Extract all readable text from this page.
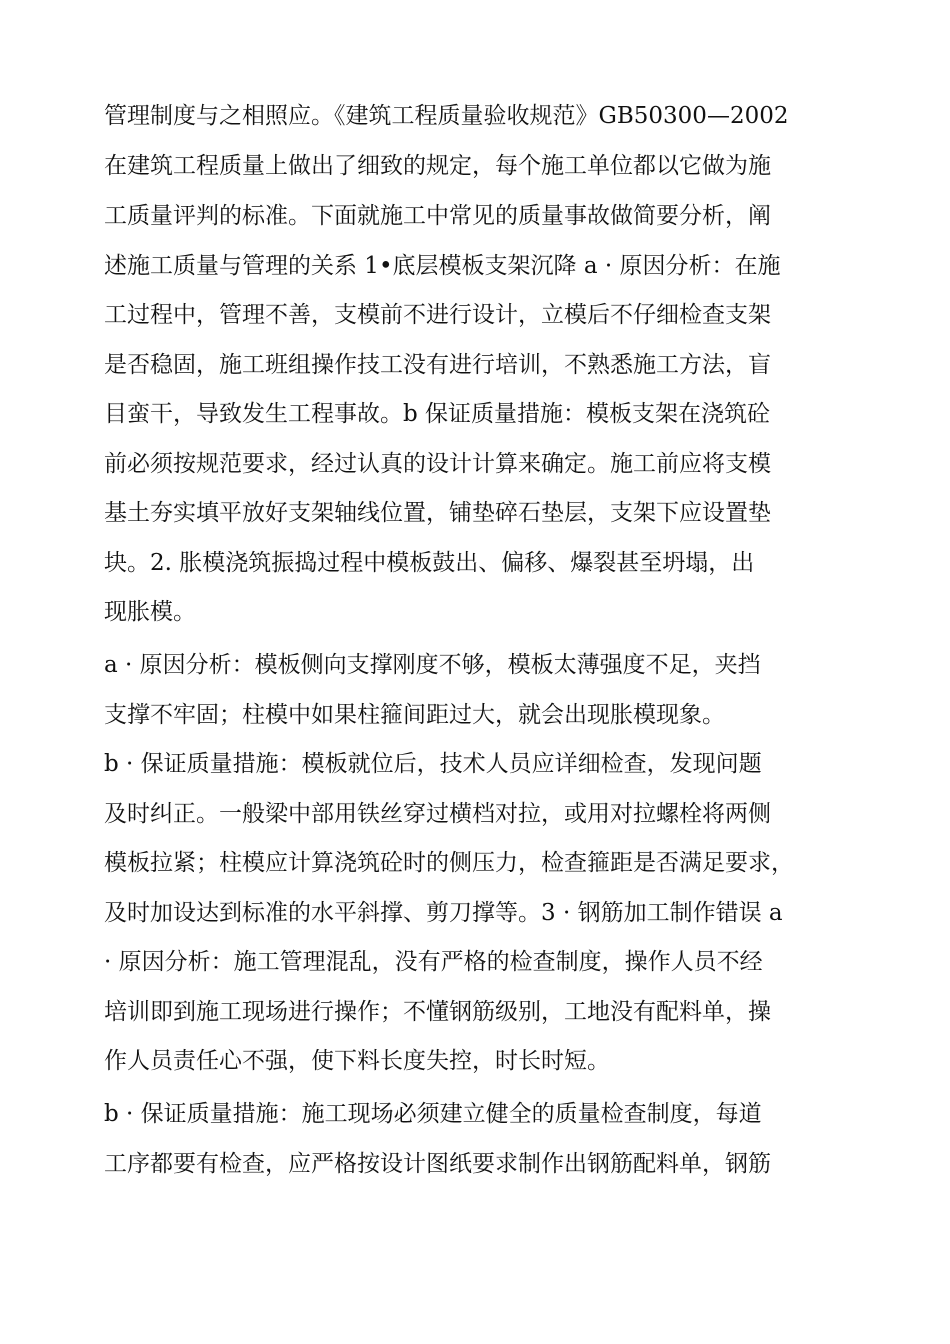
管理制度与之相照应。《建筑工程质量验收规范》GB50300—2002
在建筑工程质量上做出了细致的规定，每个施工单位都以它做为施
工质量评判的标准。下面就施工中常见的质量事故做简要分析，阐
述施工质量与管理的关系 1•底层模板支架沉降 a · 原因分析：在施
工过程中，管理不善，支模前不进行设计，立模后不仔细检查支架
是否稳固，施工班组操作技工没有进行培训，不熟悉施工方法，盲
目蛮干，导致发生工程事故。b 保证质量措施：模板支架在浇筑砼
前必须按规范要求，经过认真的设计计算来确定。施工前应将支模
基土夯实填平放好支架轴线位置，铺垫碎石垫层，支架下应设置垫
块。2. 胀模浇筑振捣过程中模板鼓出、偏移、爆裂甚至坍塌，出
现胀模。
a · 原因分析：模板侧向支撑刚度不够，模板太薄强度不足，夹挡
支撑不牢固；柱模中如果柱箍间距过大，就会出现胀模现象。
b · 保证质量措施：模板就位后，技术人员应详细检查，发现问题
及时纠正。一般梁中部用铁丝穿过横档对拉，或用对拉螺栓将两侧
模板拉紧；柱模应计算浇筑砼时的侧压力，检查箍距是否满足要求，
及时加设达到标准的水平斜撑、剪刀撑等。3 · 钢筋加工制作错误 a
· 原因分析：施工管理混乱，没有严格的检查制度，操作人员不经
培训即到施工现场进行操作；不懂钢筋级别，工地没有配料单，操
作人员责任心不强，使下料长度失控，时长时短。
b · 保证质量措施：施工现场必须建立健全的质量检查制度，每道
工序都要有检查，应严格按设计图纸要求制作出钢筋配料单，钢筋
